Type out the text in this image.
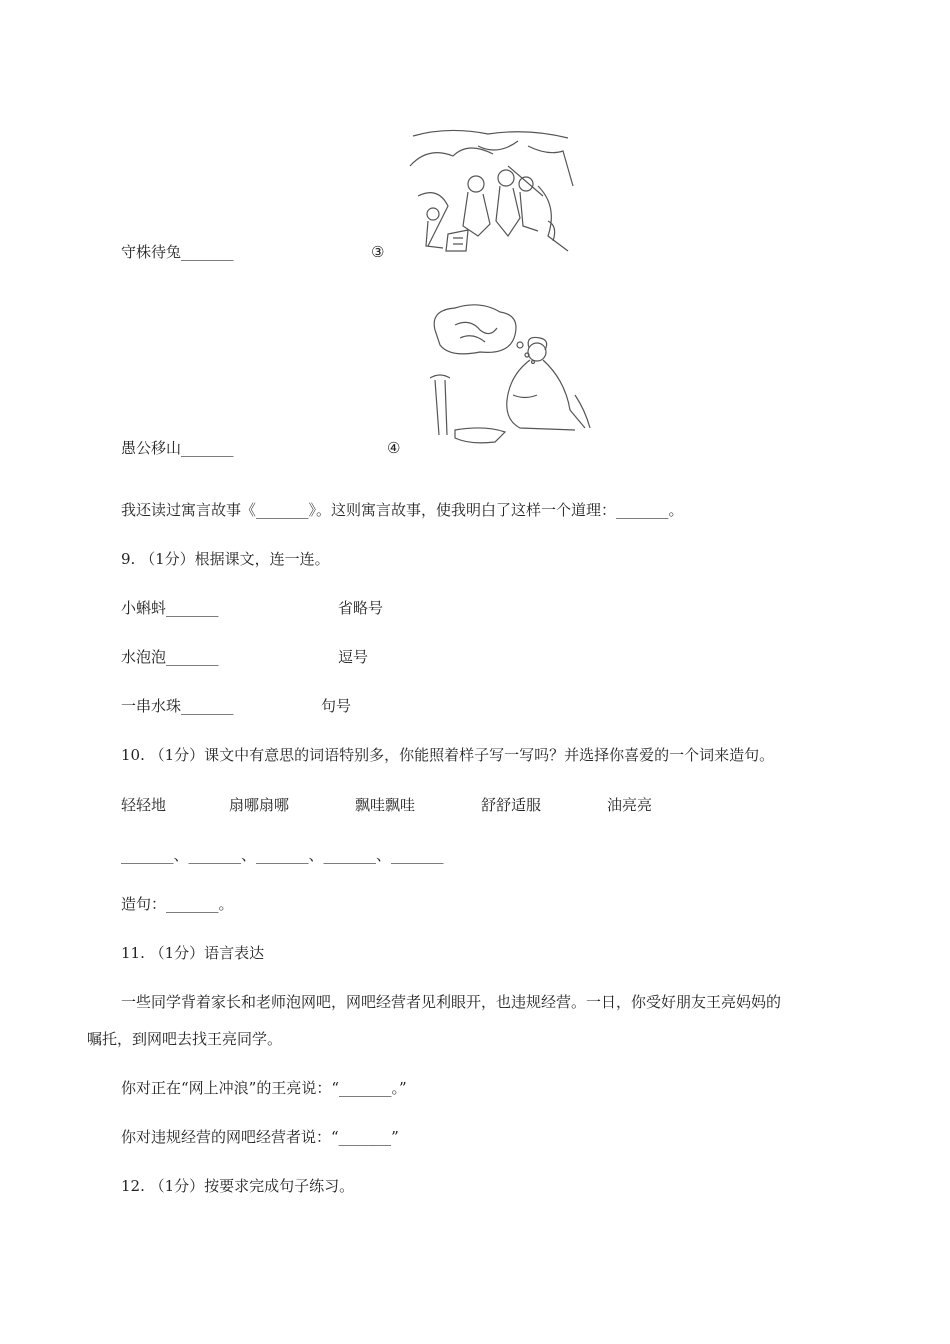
守株待兔_______	③
愚公移山_______	④
我还读过寓言故事《_______》。这则寓言故事，使我明白了这样一个道理：_______。
9. （1分）根据课文，连一连。
小蝌蚪_______	省略号
水泡泡_______	逗号
一串水珠_______	句号
10. （1分）课文中有意思的词语特别多，你能照着样子写一写吗？并选择你喜爱的一个词来造句。
轻轻地	扇哪扇哪	飘哇飘哇	舒舒适服	油亮亮
_______、_______、_______、_______、_______
造句：_______。
11. （1分）语言表达
一些同学背着家长和老师泡网吧，网吧经营者见利眼开，也违规经营。一日，你受好朋友王亮妈妈的
嘱托，到网吧去找王亮同学。
你对正在“网上冲浪”的王亮说：“_______。”
你对违规经营的网吧经营者说：“_______”
12. （1分）按要求完成句子练习。
